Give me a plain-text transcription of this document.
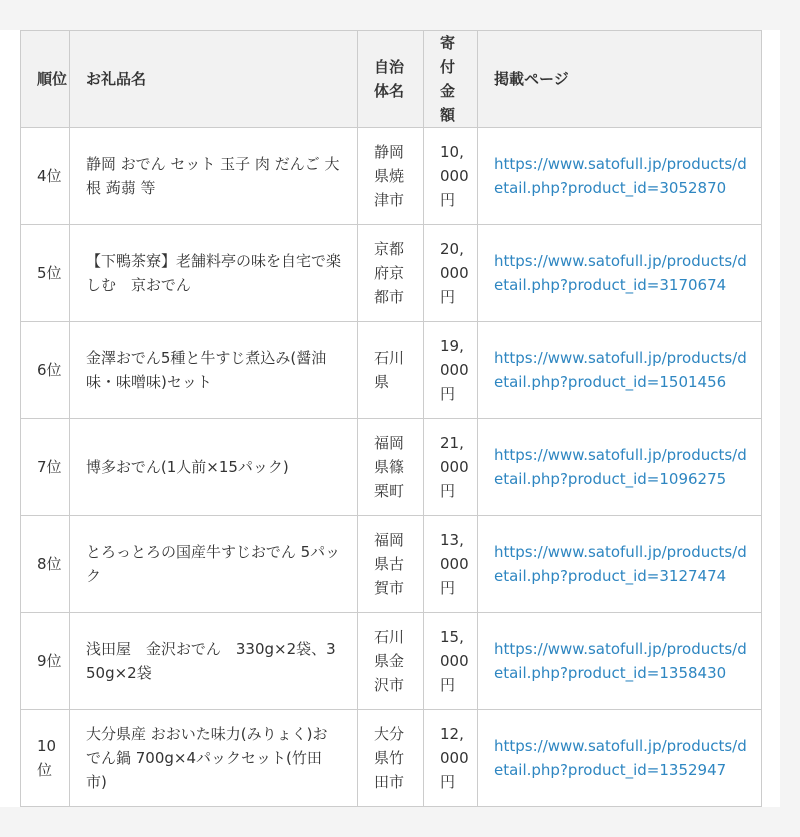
順位	お礼品名	自治体名	寄付金額	掲載ページ
4位	静岡 おでん セット 玉子 肉 だんご 大根 蒟蒻 等	静岡県焼津市	10,000円	https://www.satofull.jp/products/detail.php?product_id=3052870
5位	【下鴨茶寮】老舗料亭の味を自宅で楽しむ　京おでん	京都府京都市	20,000円	https://www.satofull.jp/products/detail.php?product_id=3170674
6位	金澤おでん5種と牛すじ煮込み(醤油味・味噌味)セット	石川県	19,000円	https://www.satofull.jp/products/detail.php?product_id=1501456
7位	博多おでん(1人前×15パック)	福岡県篠栗町	21,000円	https://www.satofull.jp/products/detail.php?product_id=1096275
8位	とろっとろの国産牛すじおでん 5パック	福岡県古賀市	13,000円	https://www.satofull.jp/products/detail.php?product_id=3127474
9位	浅田屋　金沢おでん　330g×2袋、350g×2袋	石川県金沢市	15,000円	https://www.satofull.jp/products/detail.php?product_id=1358430
10位	大分県産 おおいた味力(みりょく)おでん鍋 700g×4パックセット(竹田市)	大分県竹田市	12,000円	https://www.satofull.jp/products/detail.php?product_id=1352947
